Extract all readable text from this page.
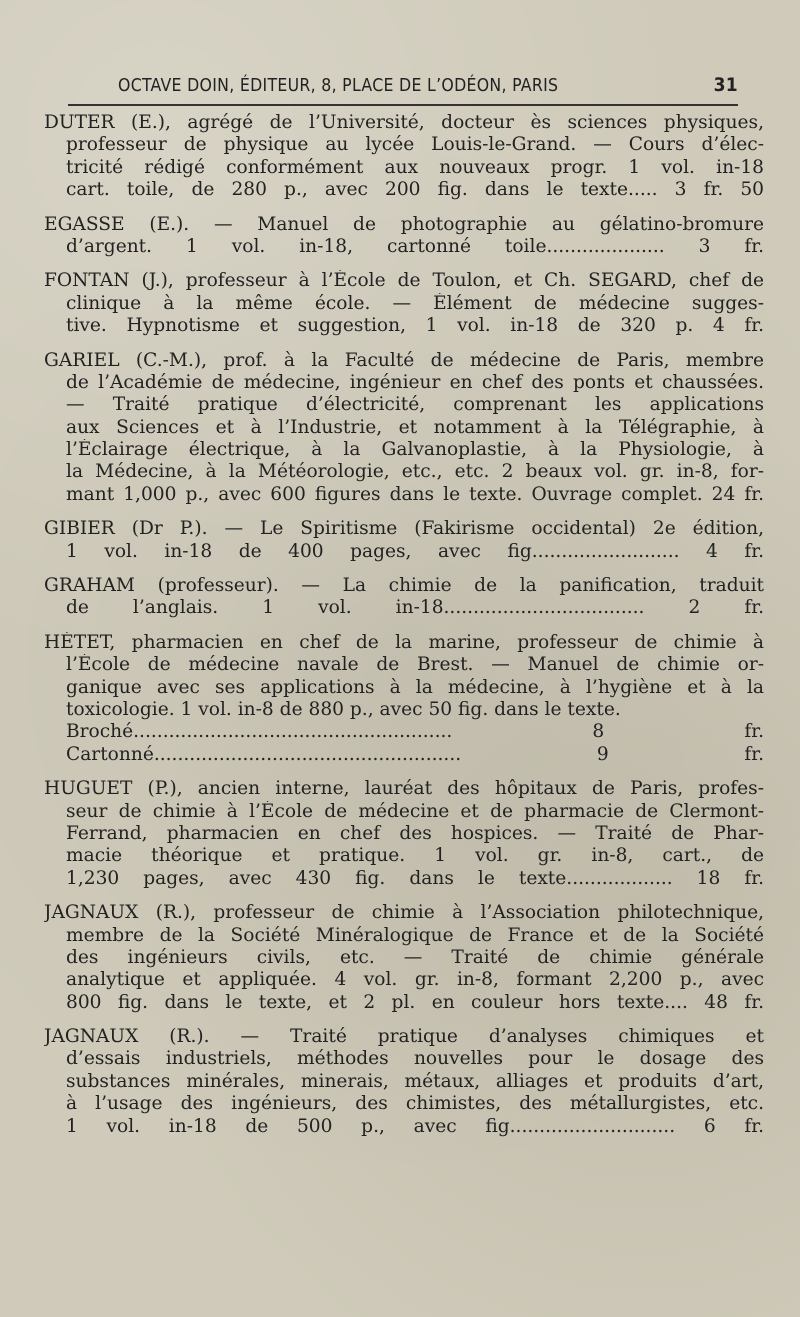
OCTAVE DOIN, ÉDITEUR, 8, PLACE DE L’ODÉON, PARIS	31
DUTER (E.), agrégé de l’Université, docteur ès sciences physiques,
professeur de physique au lycée Louis-le-Grand. — Cours d’élec-
tricité rédigé conformément aux nouveaux progr. 1 vol. in-18
cart. toile, de 280 p., avec 200 fig. dans le texte..... 3 fr. 50
EGASSE (E.). — Manuel de photographie au gélatino-bromure
d’argent. 1 vol. in-18, cartonné toile.................... 3 fr.
FONTAN (J.), professeur à l’École de Toulon, et Ch. SEGARD, chef de
clinique à la même école. — Élément de médecine sugges-
tive. Hypnotisme et suggestion, 1 vol. in-18 de 320 p. 4 fr.
GARIEL (C.-M.), prof. à la Faculté de médecine de Paris, membre
de l’Académie de médecine, ingénieur en chef des ponts et chaussées.
— Traité pratique d’électricité, comprenant les applications
aux Sciences et à l’Industrie, et notamment à la Télégraphie, à
l’Éclairage électrique, à la Galvanoplastie, à la Physiologie, à
la Médecine, à la Météorologie, etc., etc. 2 beaux vol. gr. in-8, for-
mant 1,000 p., avec 600 figures dans le texte. Ouvrage complet. 24 fr.
GIBIER (Dr P.). — Le Spiritisme (Fakirisme occidental) 2e édition,
1 vol. in-18 de 400 pages, avec fig......................... 4 fr.
GRAHAM (professeur). — La chimie de la panification, traduit
de l’anglais. 1 vol. in-18.................................. 2 fr.
HÉTET, pharmacien en chef de la marine, professeur de chimie à
l’École de médecine navale de Brest. — Manuel de chimie or-
ganique avec ses applications à la médecine, à l’hygiène et à la
toxicologie. 1 vol. in-8 de 880 p., avec 50 fig. dans le texte.
Broché...................................................... 8 fr.
Cartonné.................................................... 9 fr.
HUGUET (P.), ancien interne, lauréat des hôpitaux de Paris, profes-
seur de chimie à l’École de médecine et de pharmacie de Clermont-
Ferrand, pharmacien en chef des hospices. — Traité de Phar-
macie théorique et pratique. 1 vol. gr. in-8, cart., de
1,230 pages, avec 430 fig. dans le texte.................. 18 fr.
JAGNAUX (R.), professeur de chimie à l’Association philotechnique,
membre de la Société Minéralogique de France et de la Société
des ingénieurs civils, etc. — Traité de chimie générale
analytique et appliquée. 4 vol. gr. in-8, formant 2,200 p., avec
800 fig. dans le texte, et 2 pl. en couleur hors texte.... 48 fr.
JAGNAUX (R.). — Traité pratique d’analyses chimiques et
d’essais industriels, méthodes nouvelles pour le dosage des
substances minérales, minerais, métaux, alliages et produits d’art,
à l’usage des ingénieurs, des chimistes, des métallurgistes, etc.
1 vol. in-18 de 500 p., avec fig............................ 6 fr.
